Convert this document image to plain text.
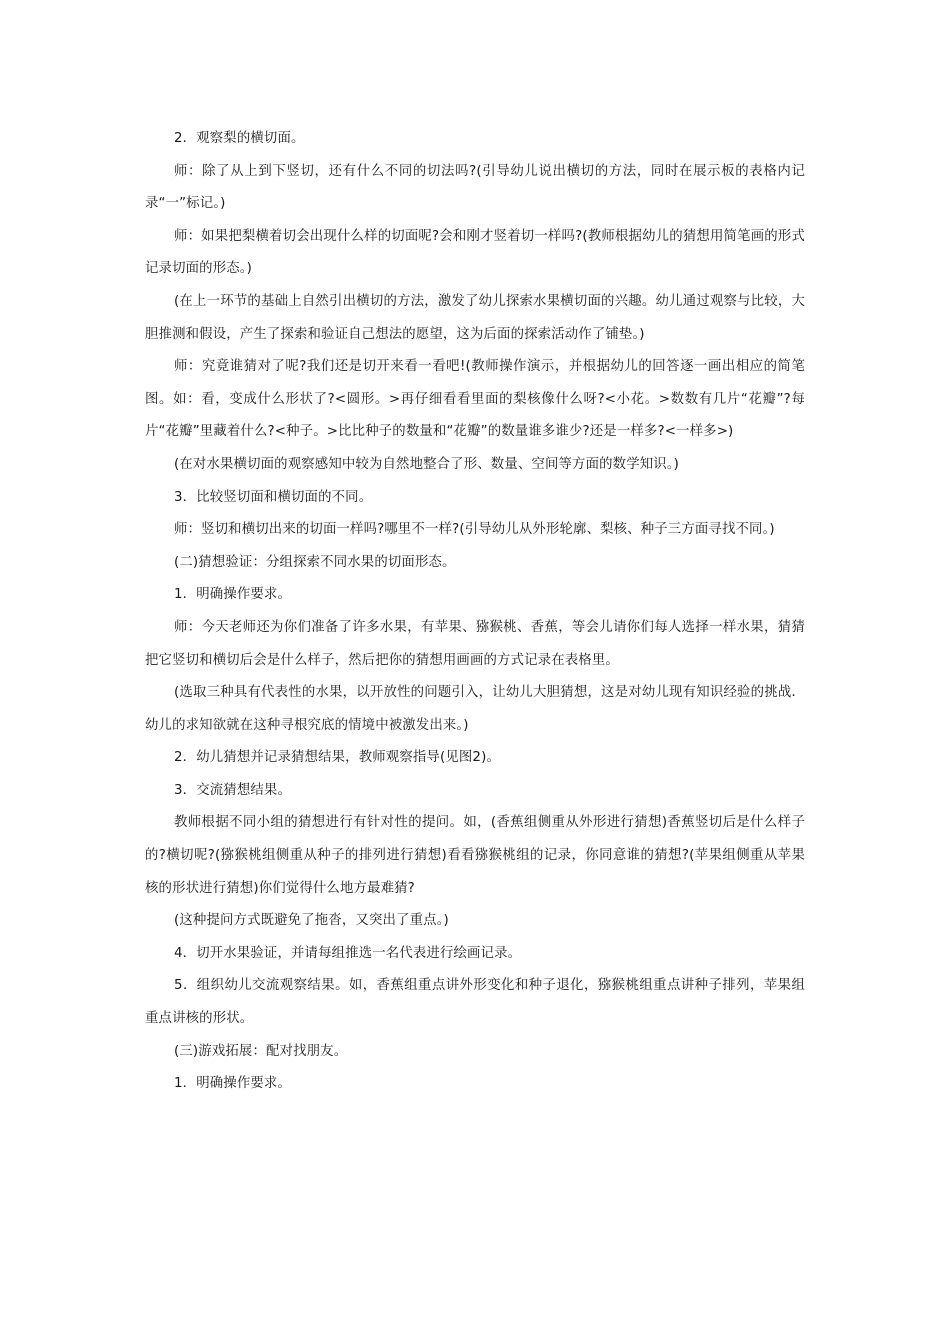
2．观察梨的横切面。

师：除了从上到下竖切，还有什么不同的切法吗?(引导幼儿说出横切的方法，同时在展示板的表格内记录“一”标记。)

师：如果把梨横着切会出现什么样的切面呢?会和刚才竖着切一样吗?(教师根据幼儿的猜想用简笔画的形式记录切面的形态。)

(在上一环节的基础上自然引出横切的方法，激发了幼儿探索水果横切面的兴趣。幼儿通过观察与比较，大胆推测和假设，产生了探索和验证自己想法的愿望，这为后面的探索活动作了铺垫。)

师：究竟谁猜对了呢?我们还是切开来看一看吧!(教师操作演示，并根据幼儿的回答逐一画出相应的简笔图。如：看，变成什么形状了?<圆形。>再仔细看看里面的梨核像什么呀?<小花。>数数有几片“花瓣”?每片“花瓣”里藏着什么?<种子。>比比种子的数量和“花瓣”的数量谁多谁少?还是一样多?<一样多>)

(在对水果横切面的观察感知中较为自然地整合了形、数量、空间等方面的数学知识。)

3．比较竖切面和横切面的不同。

师：竖切和横切出来的切面一样吗?哪里不一样?(引导幼儿从外形轮廓、梨核、种子三方面寻找不同。)

(二)猜想验证：分组探索不同水果的切面形态。

1．明确操作要求。

师：今天老师还为你们准备了许多水果，有苹果、猕猴桃、香蕉，等会儿请你们每人选择一样水果，猜猜把它竖切和横切后会是什么样子，然后把你的猜想用画画的方式记录在表格里。

(选取三种具有代表性的水果，以开放性的问题引入，让幼儿大胆猜想，这是对幼儿现有知识经验的挑战．幼儿的求知欲就在这种寻根究底的情境中被激发出来。)

2．幼儿猜想并记录猜想结果，教师观察指导(见图2)。

3．交流猜想结果。

教师根据不同小组的猜想进行有针对性的提问。如，(香蕉组侧重从外形进行猜想)香蕉竖切后是什么样子的?横切呢?(猕猴桃组侧重从种子的排列进行猜想)看看猕猴桃组的记录，你同意谁的猜想?(苹果组侧重从苹果核的形状进行猜想)你们觉得什么地方最难猜?

(这种提问方式既避免了拖沓，又突出了重点。)

4．切开水果验证，并请每组推选一名代表进行绘画记录。

5．组织幼儿交流观察结果。如，香蕉组重点讲外形变化和种子退化，猕猴桃组重点讲种子排列，苹果组重点讲核的形状。

(三)游戏拓展：配对找朋友。

1．明确操作要求。
